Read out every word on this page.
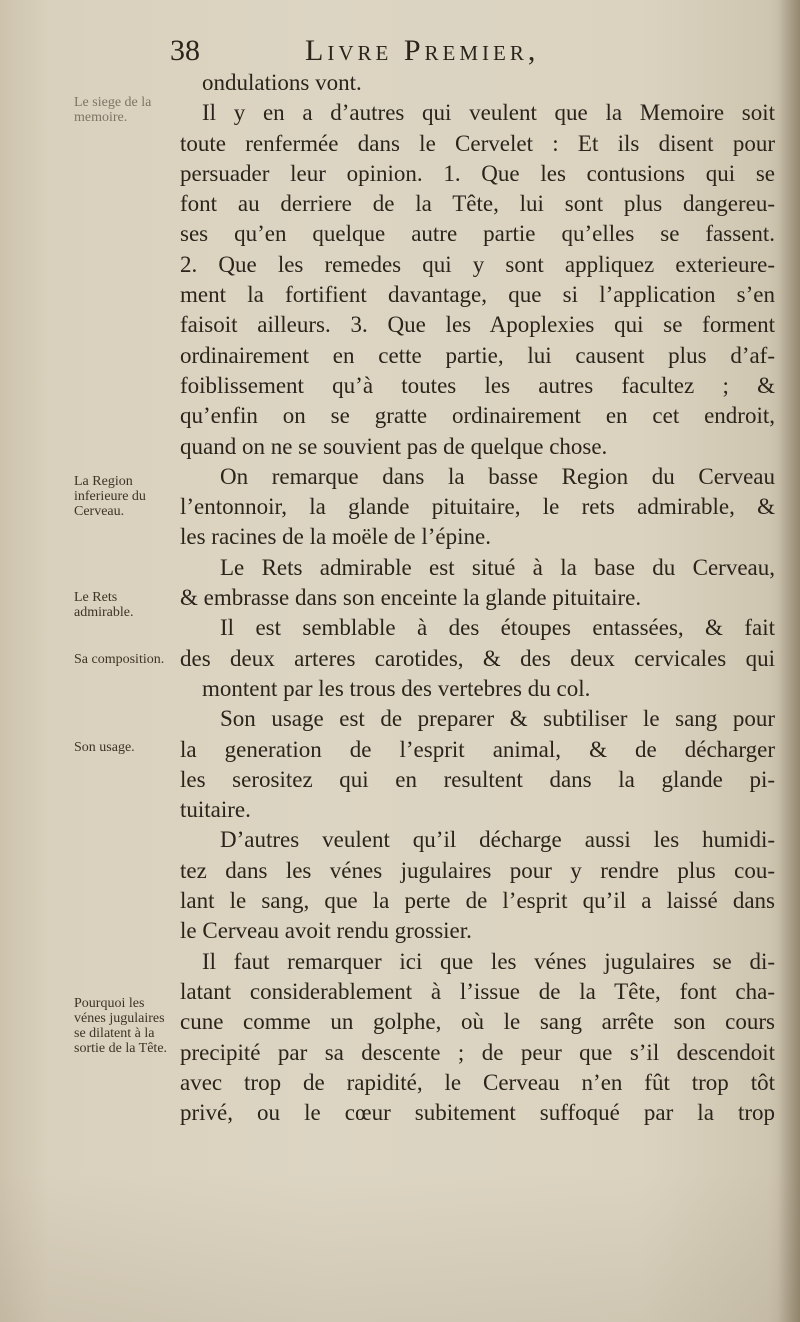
38	Livre Premier,
Le siege de la memoire.
La Region inferieure du Cerveau.
Le Rets admirable.
Sa composition.
Son usage.
Pourquoi les vénes jugulaires se dilatent à la sortie de la Tête.
ondulations vont.
Il y en a d’autres qui veulent que la Memoire soit
toute renfermée dans le Cervelet : Et ils disent pour
persuader leur opinion. 1. Que les contusions qui se
font au derriere de la Tête, lui sont plus dangereu-
ses qu’en quelque autre partie qu’elles se fassent.
2. Que les remedes qui y sont appliquez exterieure-
ment la fortifient davantage, que si l’application s’en
faisoit ailleurs. 3. Que les Apoplexies qui se forment
ordinairement en cette partie, lui causent plus d’af-
foiblissement qu’à toutes les autres facultez ; &
qu’enfin on se gratte ordinairement en cet endroit,
quand on ne se souvient pas de quelque chose.
On remarque dans la basse Region du Cerveau
l’entonnoir, la glande pituitaire, le rets admirable, &
les racines de la moële de l’épine.
Le Rets admirable est situé à la base du Cerveau,
& embrasse dans son enceinte la glande pituitaire.
Il est semblable à des étoupes entassées, & fait
des deux arteres carotides, & des deux cervicales qui
montent par les trous des vertebres du col.
Son usage est de preparer & subtiliser le sang pour
la generation de l’esprit animal, & de décharger
les serositez qui en resultent dans la glande pi-
tuitaire.
D’autres veulent qu’il décharge aussi les humidi-
tez dans les vénes jugulaires pour y rendre plus cou-
lant le sang, que la perte de l’esprit qu’il a laissé dans
le Cerveau avoit rendu grossier.
Il faut remarquer ici que les vénes jugulaires se di-
latant considerablement à l’issue de la Tête, font cha-
cune comme un golphe, où le sang arrête son cours
precipité par sa descente ; de peur que s’il descendoit
avec trop de rapidité, le Cerveau n’en fût trop tôt
privé, ou le cœur subitement suffoqué par la trop
